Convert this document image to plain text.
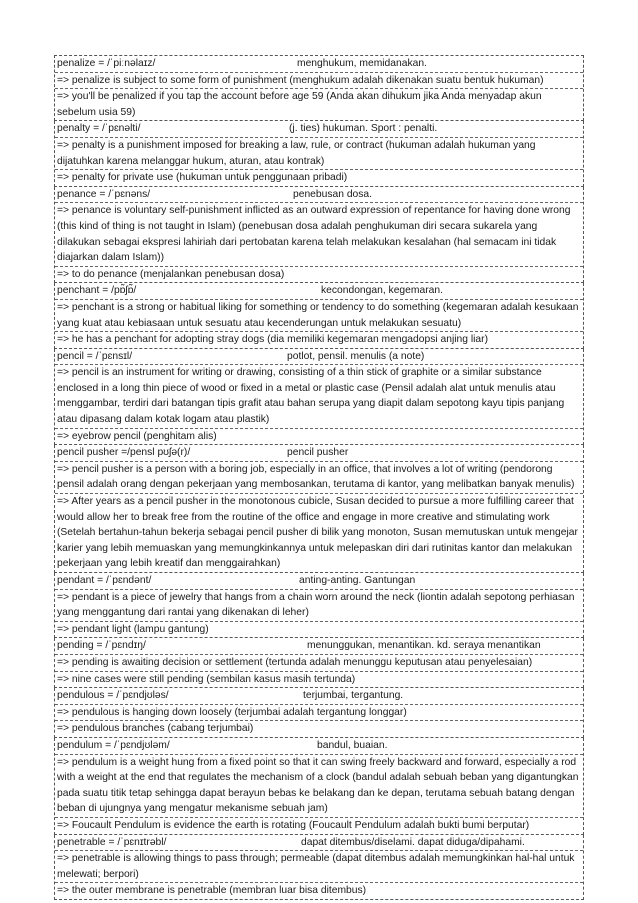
penalize = /ˈpiːnəlaɪz/	menghukum, memidanakan.
=> penalize is subject to some form of punishment (menghukum adalah dikenakan suatu bentuk hukuman)
=> you'll be penalized if you tap the account before age 59 (Anda akan dihukum jika Anda menyadap akun sebelum usia 59)
penalty = /ˈpɛnəlti/	(j. ties) hukuman. Sport : penalti.
=> penalty is a punishment imposed for breaking a law, rule, or contract (hukuman adalah hukuman yang dijatuhkan karena melanggar hukum, aturan, atau kontrak)
=> penalty for private use (hukuman untuk penggunaan pribadi)
penance = /ˈpɛnəns/	penebusan dosa.
=> penance is voluntary self-punishment inflicted as an outward expression of repentance for having done wrong (this kind of thing is not taught in Islam) (penebusan dosa adalah penghukuman diri secara sukarela yang dilakukan sebagai ekspresi lahiriah dari pertobatan karena telah melakukan kesalahan (hal semacam ini tidak diajarkan dalam Islam))
=> to do penance (menjalankan penebusan dosa)
penchant = /pɒ̃ʃɒ̃/	kecondongan, kegemaran.
=> penchant is a strong or habitual liking for something or tendency to do something (kegemaran adalah kesukaan yang kuat atau kebiasaan untuk sesuatu atau kecenderungan untuk melakukan sesuatu)
=> he has a penchant for adopting stray dogs (dia memiliki kegemaran mengadopsi anjing liar)
pencil = /ˈpɛnsɪl/	potlot, pensil. menulis (a note)
=> pencil is an instrument for writing or drawing, consisting of a thin stick of graphite or a similar substance enclosed in a long thin piece of wood or fixed in a metal or plastic case (Pensil adalah alat untuk menulis atau menggambar, terdiri dari batangan tipis grafit atau bahan serupa yang diapit dalam sepotong kayu tipis panjang atau dipasang dalam kotak logam atau plastik)
=> eyebrow pencil (penghitam alis)
pencil pusher =/pensl pʊʃə(r)/	pencil pusher
=> pencil pusher is a person with a boring job, especially in an office, that involves a lot of writing (pendorong pensil adalah orang dengan pekerjaan yang membosankan, terutama di kantor, yang melibatkan banyak menulis)
=> After years as a pencil pusher in the monotonous cubicle, Susan decided to pursue a more fulfilling career that would allow her to break free from the routine of the office and engage in more creative and stimulating work (Setelah bertahun-tahun bekerja sebagai pencil pusher di bilik yang monoton, Susan memutuskan untuk mengejar karier yang lebih memuaskan yang memungkinkannya untuk melepaskan diri dari rutinitas kantor dan melakukan pekerjaan yang lebih kreatif dan menggairahkan)
pendant = /ˈpɛndənt/	anting-anting. Gantungan
=> pendant is a piece of jewelry that hangs from a chain worn around the neck (liontin adalah sepotong perhiasan yang menggantung dari rantai yang dikenakan di leher)
=> pendant light (lampu gantung)
pending = /ˈpɛndɪŋ/	menunggukan, menantikan. kd. seraya menantikan
=> pending is awaiting decision or settlement (tertunda adalah menunggu keputusan atau penyelesaian)
=> nine cases were still pending (sembilan kasus masih tertunda)
pendulous = /ˈpɛndjʊləs/	terjumbai, tergantung.
=> pendulous is hanging down loosely (terjumbai adalah tergantung longgar)
=> pendulous branches (cabang terjumbai)
pendulum = /ˈpɛndjʊləm/	bandul, buaian.
=> pendulum is a weight hung from a fixed point so that it can swing freely backward and forward, especially a rod with a weight at the end that regulates the mechanism of a clock (bandul adalah sebuah beban yang digantungkan pada suatu titik tetap sehingga dapat berayun bebas ke belakang dan ke depan, terutama sebuah batang dengan beban di ujungnya yang mengatur mekanisme sebuah jam)
=> Foucault Pendulum is evidence the earth is rotating (Foucault Pendulum adalah bukti bumi berputar)
penetrable = /ˈpɛnɪtrəbl/	dapat ditembus/diselami. dapat diduga/dipahami.
=> penetrable is allowing things to pass through; permeable (dapat ditembus adalah memungkinkan hal-hal untuk melewati; berpori)
=> the outer membrane is penetrable (membran luar bisa ditembus)
